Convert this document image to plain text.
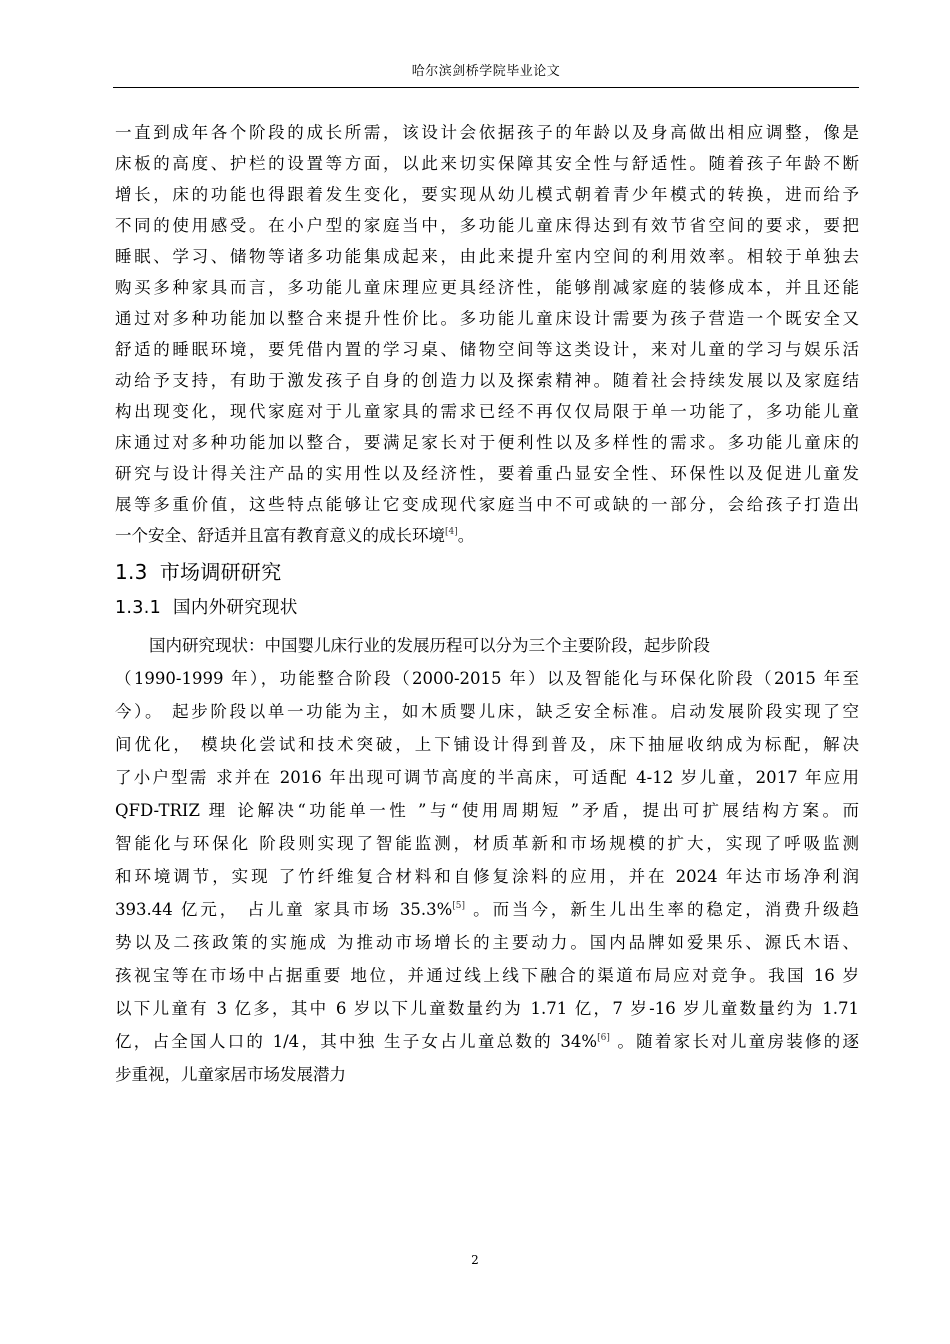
哈尔滨剑桥学院毕业论文
一直到成年各个阶段的成长所需，该设计会依据孩子的年龄以及身高做出相应调整，像是
床板的高度、护栏的设置等方面，以此来切实保障其安全性与舒适性。随着孩子年龄不断
增长，床的功能也得跟着发生变化，要实现从幼儿模式朝着青少年模式的转换，进而给予
不同的使用感受。在小户型的家庭当中，多功能儿童床得达到有效节省空间的要求，要把
睡眠、学习、储物等诸多功能集成起来，由此来提升室内空间的利用效率。相较于单独去
购买多种家具而言，多功能儿童床理应更具经济性，能够削减家庭的装修成本，并且还能
通过对多种功能加以整合来提升性价比。多功能儿童床设计需要为孩子营造一个既安全又
舒适的睡眠环境，要凭借内置的学习桌、储物空间等这类设计，来对儿童的学习与娱乐活
动给予支持，有助于激发孩子自身的创造力以及探索精神。随着社会持续发展以及家庭结
构出现变化，现代家庭对于儿童家具的需求已经不再仅仅局限于单一功能了，多功能儿童
床通过对多种功能加以整合，要满足家长对于便利性以及多样性的需求。多功能儿童床的
研究与设计得关注产品的实用性以及经济性，要着重凸显安全性、环保性以及促进儿童发
展等多重价值，这些特点能够让它变成现代家庭当中不可或缺的一部分，会给孩子打造出
一个安全、舒适并且富有教育意义的成长环境[4]。
1.3 市场调研研究
1.3.1 国内外研究现状
国内研究现状：中国婴儿床行业的发展历程可以分为三个主要阶段，起步阶段
（1990-1999 年），功能整合阶段（2000-2015 年）以及智能化与环保化阶段（2015 年至
今）。 起步阶段以单一功能为主，如木质婴儿床，缺乏安全标准。启动发展阶段实现了空
间优化， 模块化尝试和技术突破，上下铺设计得到普及，床下抽屉收纳成为标配，解决
了小户型需 求并在 2016 年出现可调节高度的半高床，可适配 4-12 岁儿童，2017 年应用
QFD-TRIZ 理 论解决“功能单一性 ”与“使用周期短 ”矛盾，提出可扩展结构方案。而
智能化与环保化 阶段则实现了智能监测，材质革新和市场规模的扩大，实现了呼吸监测
和环境调节，实现 了竹纤维复合材料和自修复涂料的应用，并在 2024 年达市场净利润
393.44 亿元， 占儿童 家具市场 35.3%[5] 。而当今，新生儿出生率的稳定，消费升级趋
势以及二孩政策的实施成 为推动市场增长的主要动力。国内品牌如爱果乐、源氏木语、
孩视宝等在市场中占据重要 地位，并通过线上线下融合的渠道布局应对竞争。我国 16 岁
以下儿童有 3 亿多，其中 6 岁以下儿童数量约为 1.71 亿，7 岁-16 岁儿童数量约为 1.71
亿，占全国人口的 1/4，其中独 生子女占儿童总数的 34%[6] 。随着家长对儿童房装修的逐
步重视，儿童家居市场发展潜力
2
